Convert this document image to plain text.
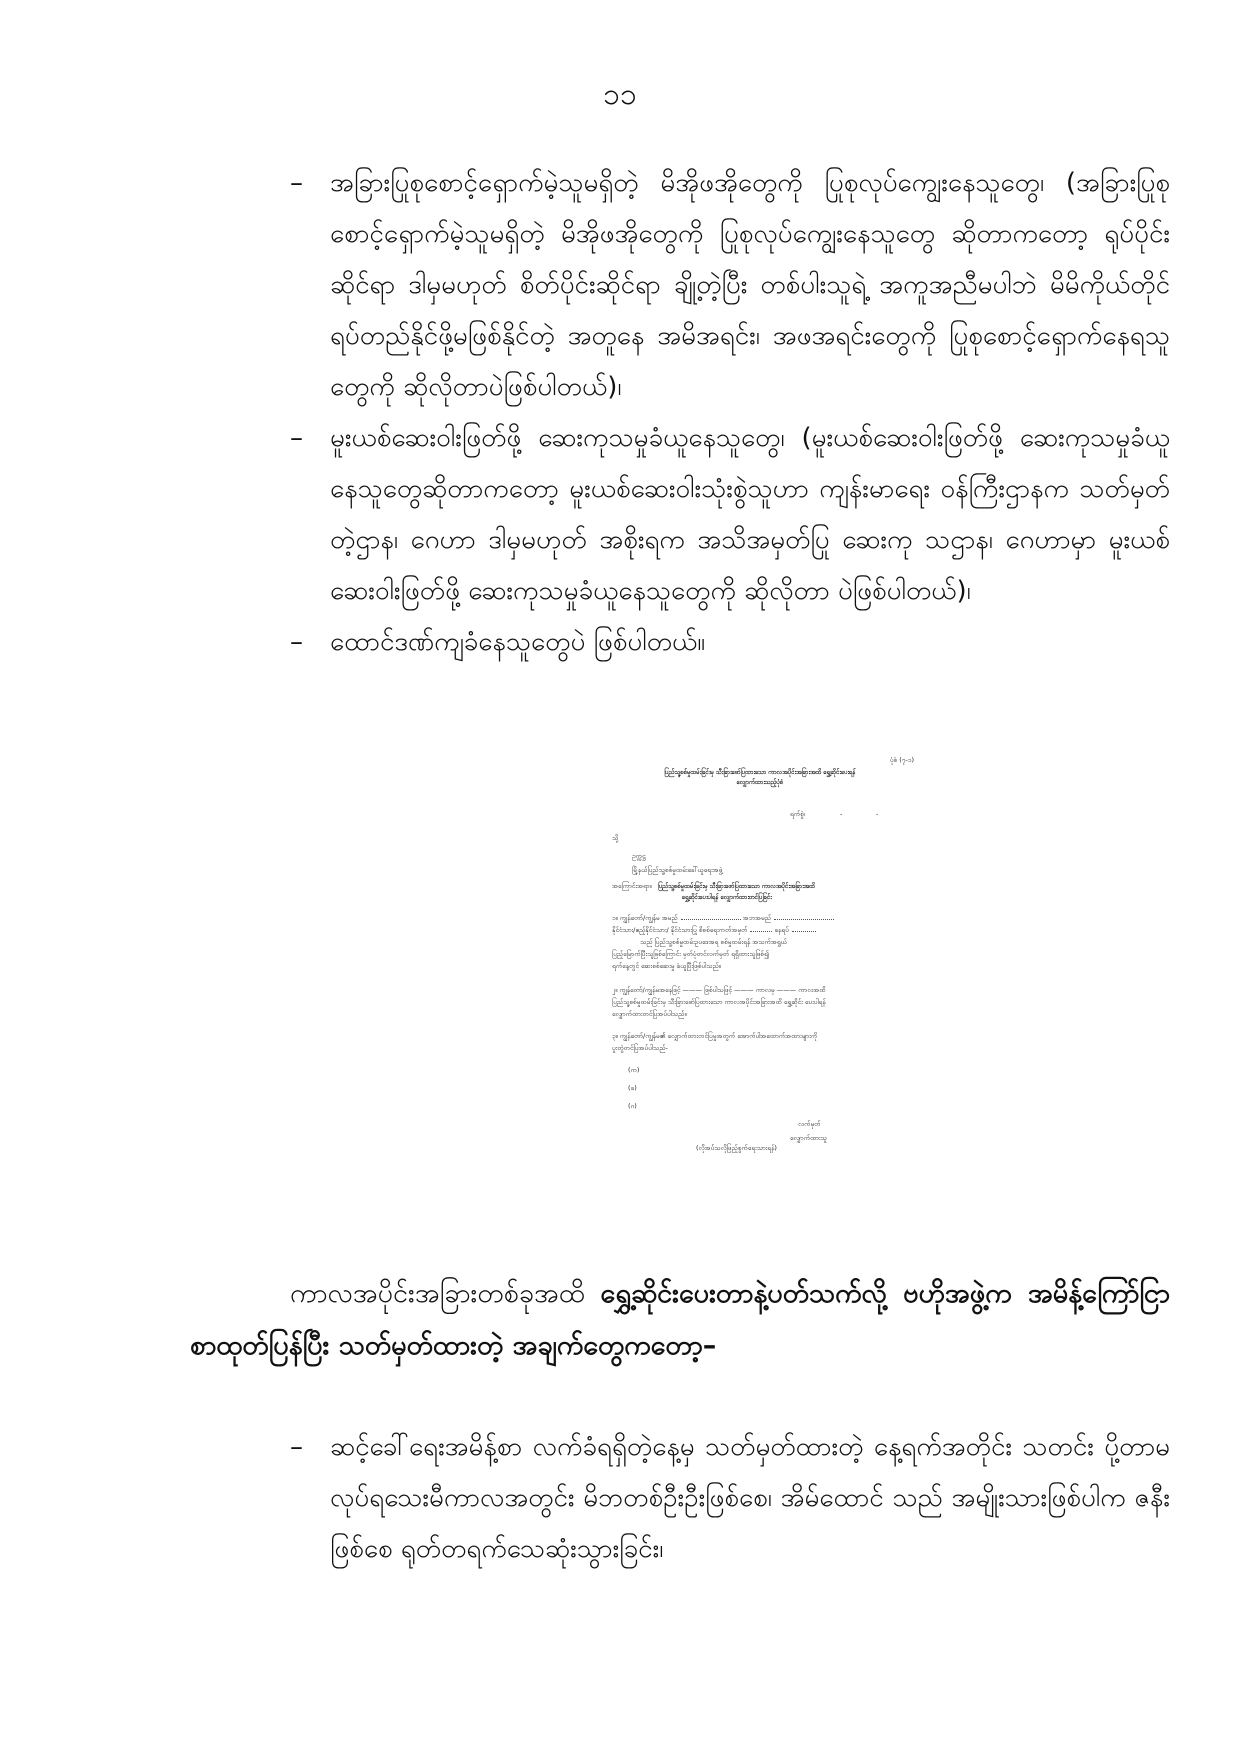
၁၁
– အခြားပြုစုစောင့်ရှောက်မဲ့သူမရှိတဲ့ မိအိုဖအိုတွေကို ပြုစုလုပ်ကျွေးနေသူတွေ၊ (အခြားပြုစုစောင့်ရှောက်မဲ့သူမရှိတဲ့ မိအိုဖအိုတွေကို ပြုစုလုပ်ကျွေးနေသူတွေ ဆိုတာကတော့ ရုပ်ပိုင်းဆိုင်ရာ ဒါမှမဟုတ် စိတ်ပိုင်းဆိုင်ရာ ချို့တဲ့ပြီး တစ်ပါးသူရဲ့ အကူအညီမပါဘဲ မိမိကိုယ်တိုင် ရပ်တည်နိုင်ဖို့မဖြစ်နိုင်တဲ့ အတူနေ အမိအရင်း၊ အဖအရင်းတွေကို ပြုစုစောင့်ရှောက်နေရသူတွေကို ဆိုလိုတာပဲဖြစ်ပါတယ်)၊
– မူးယစ်ဆေးဝါးဖြတ်ဖို့ ဆေးကုသမှုခံယူနေသူတွေ၊ (မူးယစ်ဆေးဝါးဖြတ်ဖို့ ဆေးကုသမှုခံယူနေသူတွေဆိုတာကတော့ မူးယစ်ဆေးဝါးသုံးစွဲသူဟာ ကျန်းမာရေး ဝန်ကြီးဌာနက သတ်မှတ်တဲ့ဌာန၊ ဂေဟာ ဒါမှမဟုတ် အစိုးရက အသိအမှတ်ပြု ဆေးကု သဌာန၊ ဂေဟာမှာ မူးယစ်ဆေးဝါးဖြတ်ဖို့ ဆေးကုသမှုခံယူနေသူတွေကို ဆိုလိုတာ ပဲဖြစ်ပါတယ်)၊
– ထောင်ဒဏ်ကျခံနေသူတွေပဲ ဖြစ်ပါတယ်။
ပုံစံ (၇-၁)
ပြည်သူ့စစ်မှုထမ်းခြင်းမှ သီးခြားဖော်ပြထားသော ကာလအပိုင်းအခြားအထိ ရွှေ့ဆိုင်းပေးရန်
လျှောက်ထားသည့်ပုံစံ
ရက်စွဲ၊	-	-
သို့
ဥက္ကဋ္ဌ
မြို့နယ်ပြည်သူ့စစ်မှုထမ်းခေါ်ယူရေးအဖွဲ့
အကြောင်းအရာ။ ပြည်သူ့စစ်မှုထမ်းခြင်းမှ သီးခြားဖော်ပြထားသော ကာလအပိုင်းအခြားအထိ
ရွှေ့ဆိုင်းပေးပါရန် လျှောက်ထားတင်ပြခြင်း
၁။ ကျွန်တော်/ကျွန်မ အမည်	အဘအမည်
နိုင်ငံသား/ဧည့်နိုင်ငံသား/ နိုင်ငံသားပြု စိစစ်ရေးကတ်အမှတ်	နေရပ်
သည် ပြည်သူ့စစ်မှုထမ်းဥပဒေအရ စစ်မှုထမ်းရန် အသက်အရွယ်
ပြည့်မြောက်ပြီးသူဖြစ်ကြောင်း မှတ်ပုံတင်လက်မှတ် ရရှိထားသူဖြစ်၍
ရက်နေ့တွင် ဆေးစစ်ဆေးမှု ခံယူပြီးဖြစ်ပါသည်။
၂။ ကျွန်တော်/ကျွန်မအနေဖြင့် ——— ဖြစ်ပါသဖြင့် ——— ကာလမှ ——— ကာလအထိ
ပြည်သူ့စစ်မှုထမ်းခြင်းမှ သီးခြားဖော်ပြထားသော ကာလအပိုင်းအခြားအထိ ရွှေ့ဆိုင်း ပေးပါရန်
လျှောက်ထားတင်ပြအပ်ပါသည်။
၃။ ကျွန်တော်/ကျွန်မ၏ လျှောက်ထားတင်ပြမှုအတွက် အောက်ပါအထောက်အထားများကို
ပူးတွဲတင်ပြအပ်ပါသည်-
(က)
(ခ)
(ဂ)
လက်မှတ်
လျှောက်ထားသူ
(လိုအပ်သလိုဖြည့်စွက်ရေးသားရန်)

ကာလအပိုင်းအခြားတစ်ခုအထိ ရွှေ့ဆိုင်းပေးတာနဲ့ပတ်သက်လို့ ဗဟိုအဖွဲ့က အမိန့်ကြော်ငြာစာထုတ်ပြန်ပြီး သတ်မှတ်ထားတဲ့ အချက်တွေကတော့–

– ဆင့်ခေါ်ရေးအမိန့်စာ လက်ခံရရှိတဲ့နေ့မှ သတ်မှတ်ထားတဲ့ နေ့ရက်အတိုင်း သတင်း ပို့တာမလုပ်ရသေးမီကာလအတွင်း မိဘတစ်ဦးဦးဖြစ်စေ၊ အိမ်ထောင် သည် အမျိုးသားဖြစ်ပါက ဇနီးဖြစ်စေ ရုတ်တရက်သေဆုံးသွားခြင်း၊
